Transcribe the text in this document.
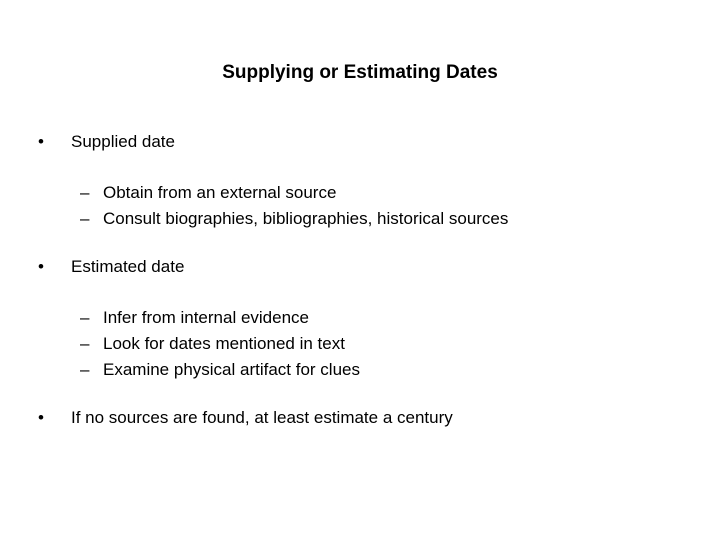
Supplying or Estimating Dates
• Supplied date
– Obtain from an external source
– Consult biographies, bibliographies, historical sources
• Estimated date
– Infer from internal evidence
– Look for dates mentioned in text
– Examine physical artifact for clues
• If no sources are found, at least estimate a century
